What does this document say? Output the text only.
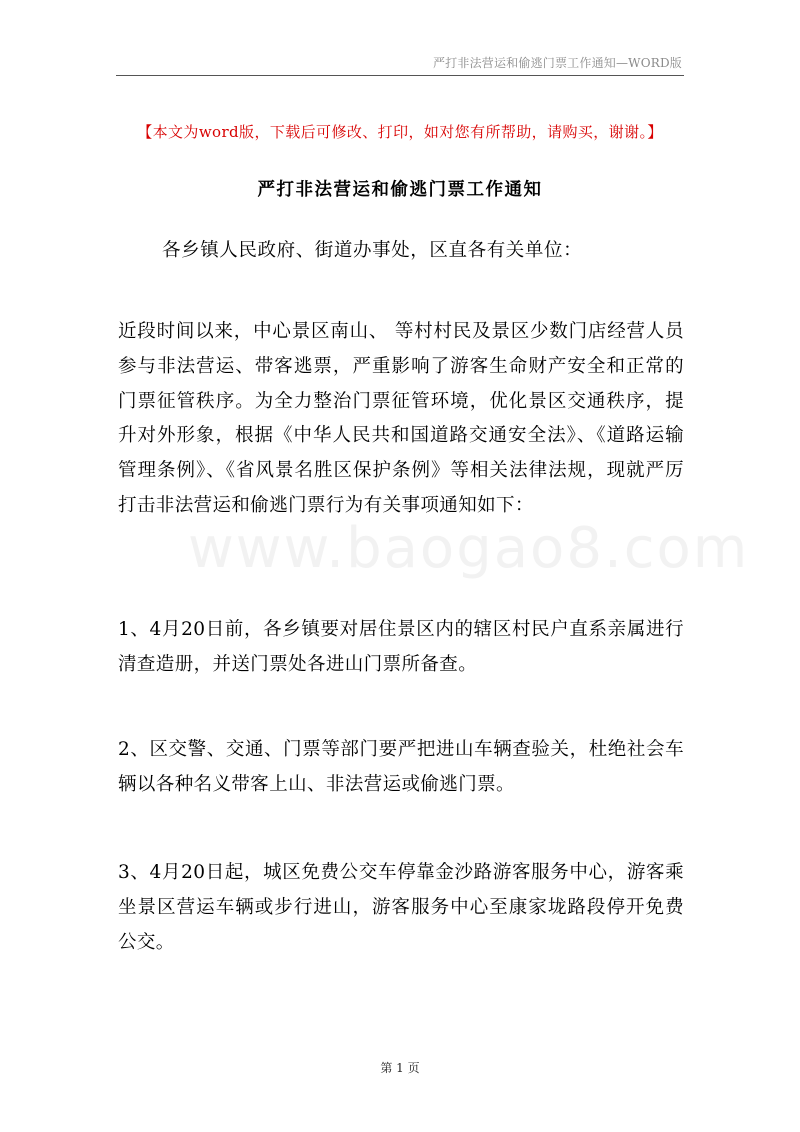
严打非法营运和偷逃门票工作通知—WORD版
www.baogao8.com
【本文为word版，下载后可修改、打印，如对您有所帮助，请购买，谢谢。】
严打非法营运和偷逃门票工作通知
各乡镇人民政府、街道办事处，区直各有关单位：
近段时间以来，中心景区南山、 等村村民及景区少数门店经营人员参与非法营运、带客逃票，严重影响了游客生命财产安全和正常的门票征管秩序。为全力整治门票征管环境，优化景区交通秩序，提升对外形象，根据《中华人民共和国道路交通安全法》、《道路运输管理条例》、《省风景名胜区保护条例》等相关法律法规，现就严厉打击非法营运和偷逃门票行为有关事项通知如下：
1、4月20日前，各乡镇要对居住景区内的辖区村民户直系亲属进行清查造册，并送门票处各进山门票所备查。
2、区交警、交通、门票等部门要严把进山车辆查验关，杜绝社会车辆以各种名义带客上山、非法营运或偷逃门票。
3、4月20日起，城区免费公交车停靠金沙路游客服务中心，游客乘坐景区营运车辆或步行进山，游客服务中心至康家垅路段停开免费公交。
第 1 页
